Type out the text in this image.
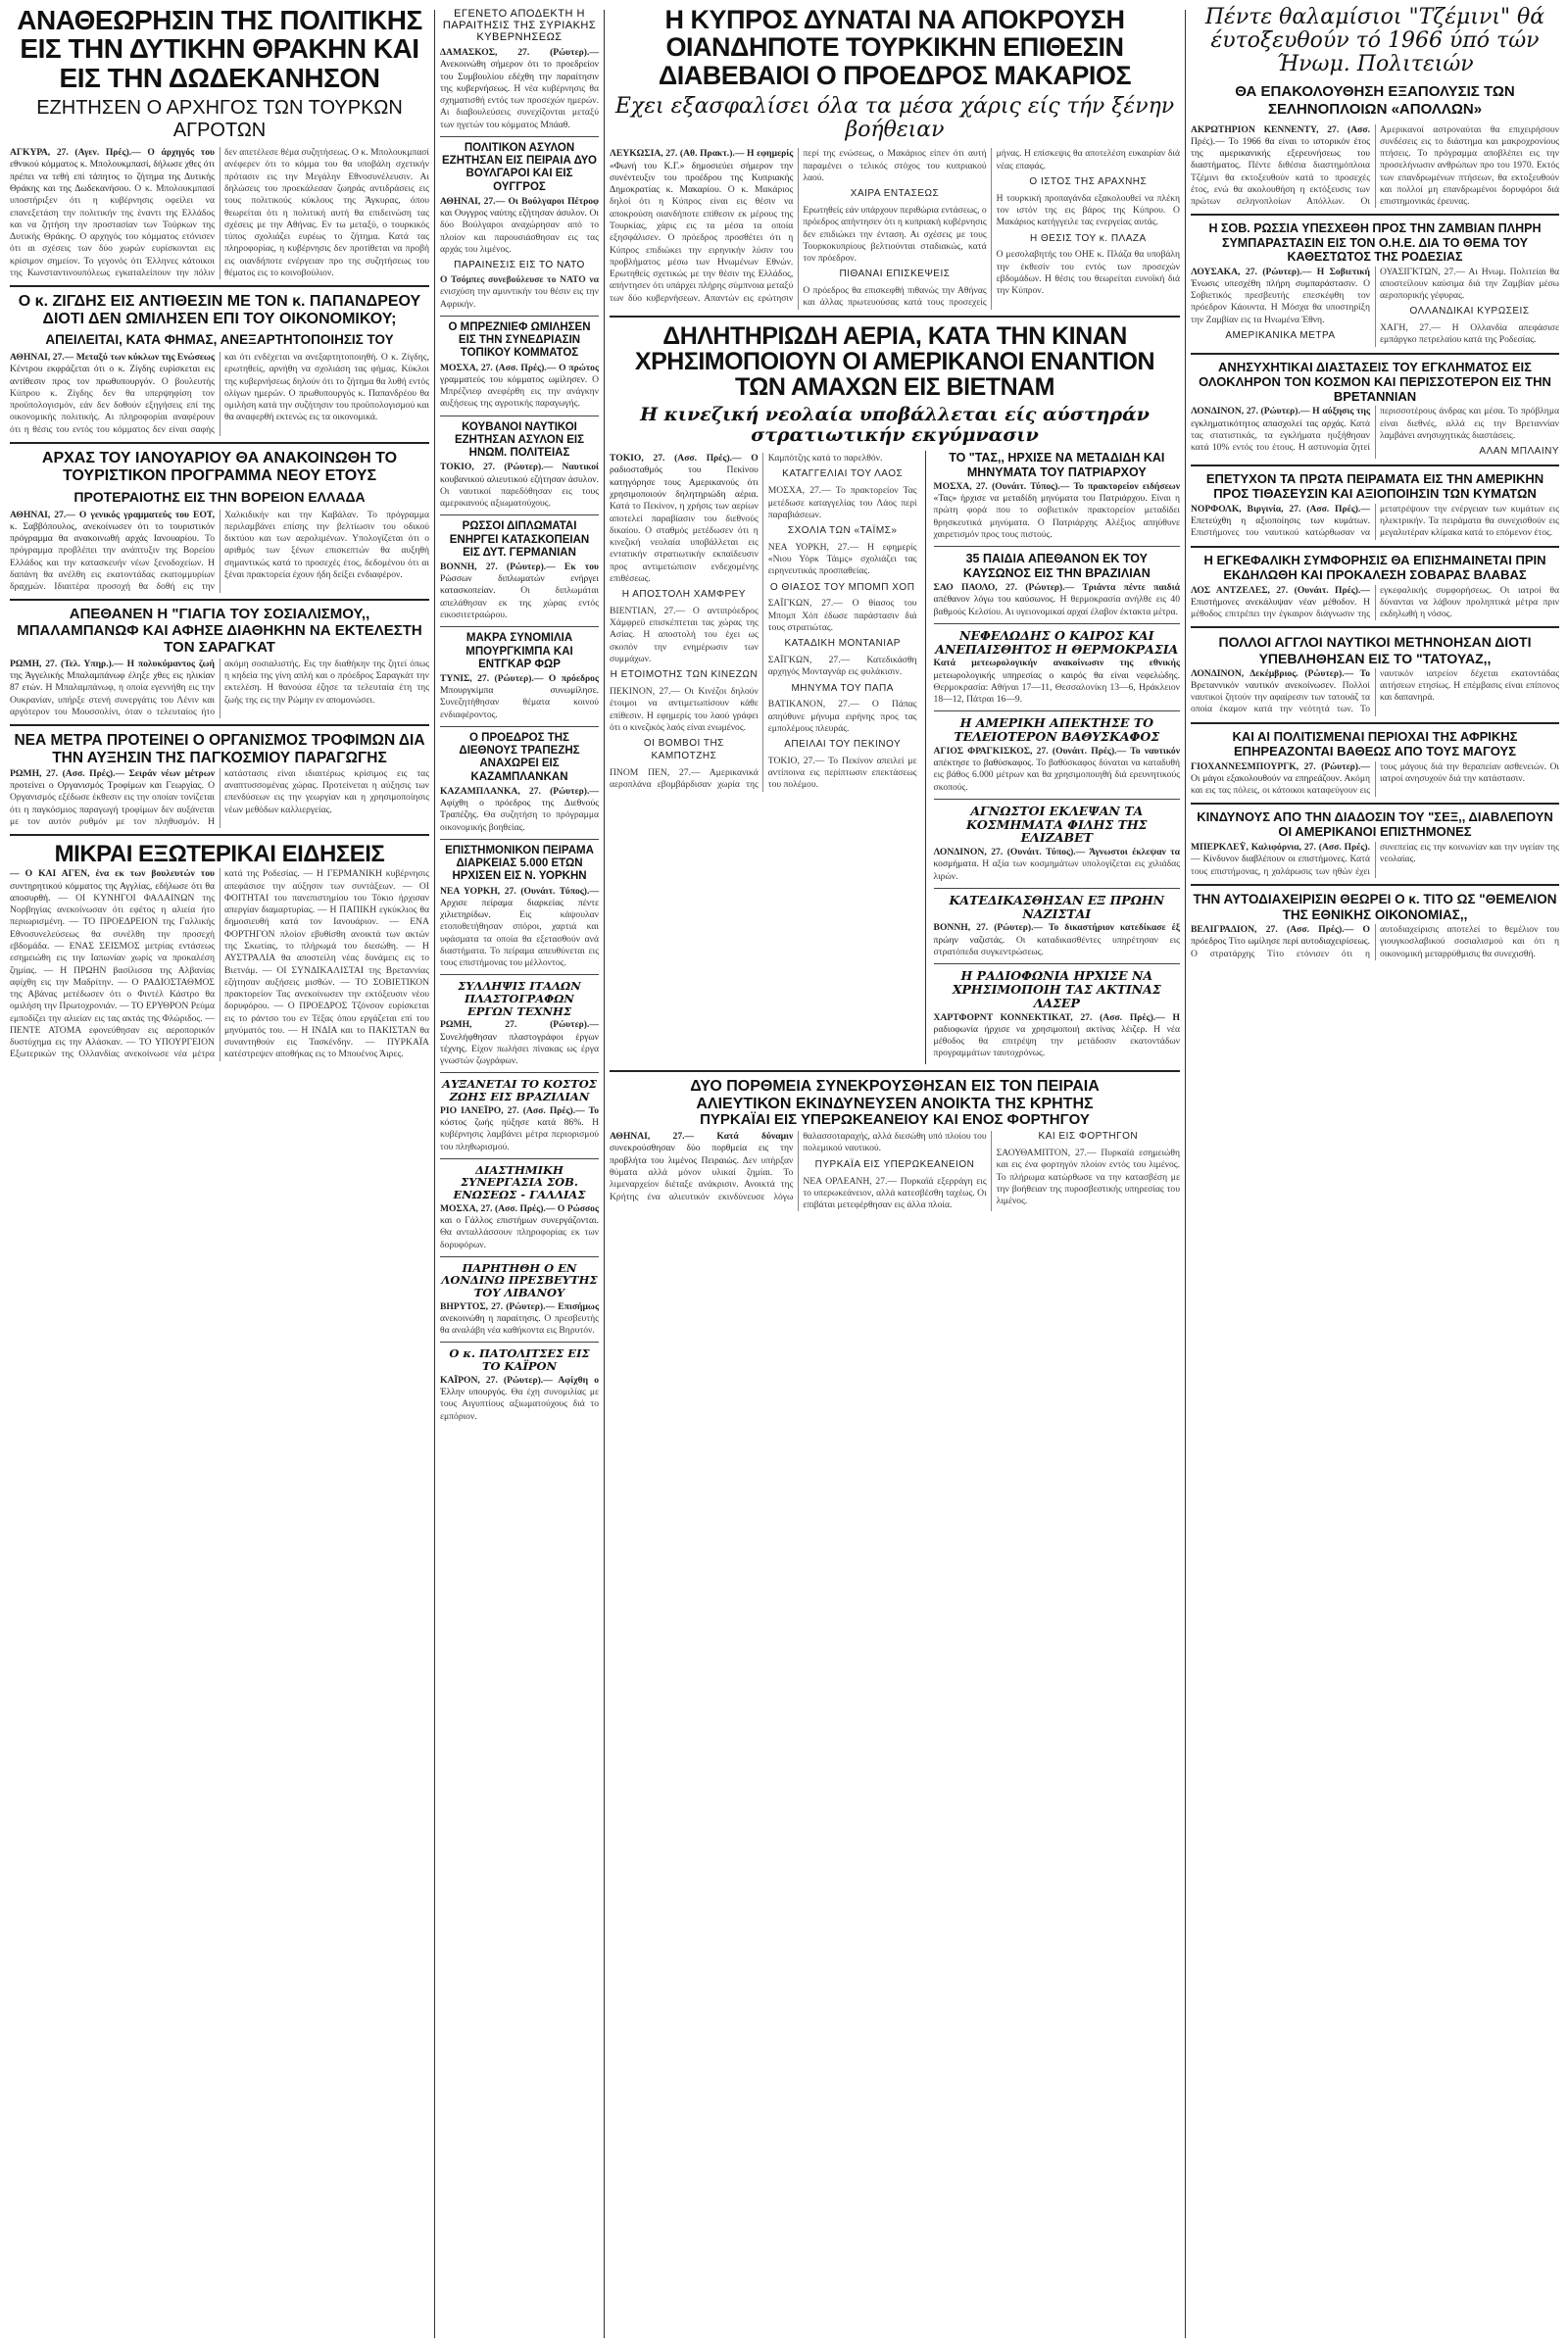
ΑΝΑΘΕΩΡΗΣΙΝ ΤΗΣ ΠΟΛΙΤΙΚΗΣ ΕΙΣ ΤΗΝ ΔΥΤΙΚΗΝ ΘΡΑΚΗΝ ΚΑΙ ΕΙΣ ΤΗΝ ΔΩΔΕΚΑΝΗΣΟΝ
ΕΖΗΤΗΣΕΝ Ο ΑΡΧΗΓΟΣ ΤΩΝ ΤΟΥΡΚΩΝ ΑΓΡΟΤΩΝ
ΑΓΚΥΡΑ, 27. (Αγεν. Πρές).— Ο άρχηγός του εθνικού κόμματος κ. Μπολουκμπασί, δήλωσε χθες ότι πρέπει να τεθή επί τάπητος το ζήτημα της Δυτικής Θράκης και της Δωδεκανήσου. Ο κ. Μπολουκμπασί υποστήριξεν ότι η κυβέρνησις οφείλει να επανεξετάση την πολιτικήν της έναντι της Ελλάδος και να ζητήση την προστασίαν των Τούρκων της Δυτικής Θράκης. Ο αρχηγός του κόμματος ετόνισεν ότι αι σχέσεις των δύο χωρών ευρίσκονται εις κρίσιμον σημείον. Το γεγονός ότι Έλληνες κάτοικοι της Κωνσταντινουπόλεως εγκαταλείπουν την πόλιν δεν απετέλεσε θέμα συζητήσεως. Ο κ. Μπολουκμπασί ανέφερεν ότι το κόμμα του θα υποβάλη σχετικήν πρότασιν εις την Μεγάλην Εθνοσυνέλευσιν. Αι δηλώσεις του προεκάλεσαν ζωηράς αντιδράσεις εις τους πολιτικούς κύκλους της Άγκυρας, όπου θεωρείται ότι η πολιτική αυτή θα επιδεινώση τας σχέσεις με την Αθήνας. Εν τω μεταξύ, ο τουρκικός τύπος σχολιάζει ευρέως το ζήτημα. Κατά τας πληροφορίας, η κυβέρνησις δεν προτίθεται να προβή εις οιανδήποτε ενέργειαν προ της συζητήσεως του θέματος εις το κοινοβούλιον.
Ο κ. ΖΙΓΔΗΣ ΕΙΣ ΑΝΤΙΘΕΣΙΝ ΜΕ ΤΟΝ κ. ΠΑΠΑΝΔΡΕΟΥ ΔΙΟΤΙ ΔΕΝ ΩΜΙΛΗΣΕΝ ΕΠΙ ΤΟΥ ΟΙΚΟΝΟΜΙΚΟΥ;
ΑΠΕΙΛΕΙΤΑΙ, ΚΑΤΑ ΦΗΜΑΣ, ΑΝΕΞΑΡΤΗΤΟΠΟΙΗΣΙΣ ΤΟΥ
ΑΘΗΝΑΙ, 27.— Μεταξύ των κύκλων της Ενώσεως Κέντρου εκφράζεται ότι ο κ. Ζίγδης ευρίσκεται εις αντίθεσιν προς τον πρωθυπουργόν. Ο βουλευτής Κύπρου κ. Ζίγδης δεν θα υπερψηφίση τον προϋπολογισμόν, εάν δεν δοθούν εξηγήσεις επί της οικονομικής πολιτικής. Αι πληροφορίαι αναφέρουν ότι η θέσις του εντός του κόμματος δεν είναι σαφής και ότι ενδέχεται να ανεξαρτητοποιηθή. Ο κ. Ζίγδης, ερωτηθείς, αρνήθη να σχολιάση τας φήμας. Κύκλοι της κυβερνήσεως δηλούν ότι το ζήτημα θα λυθή εντός ολίγων ημερών. Ο πρωθυπουργός κ. Παπανδρέου θα ομιλήση κατά την συζήτησιν του προϋπολογισμού και θα αναφερθή εκτενώς εις τα οικονομικά.
ΑΡΧΑΣ ΤΟΥ ΙΑΝΟΥΑΡΙΟΥ ΘΑ ΑΝΑΚΟΙΝΩΘΗ ΤΟ ΤΟΥΡΙΣΤΙΚΟΝ ΠΡΟΓΡΑΜΜΑ ΝΕΟΥ ΕΤΟΥΣ
ΠΡΟΤΕΡΑΙΟΤΗΣ ΕΙΣ ΤΗΝ ΒΟΡΕΙΟΝ ΕΛΛΑΔΑ
ΑΘΗΝΑΙ, 27.— Ο γενικός γραμματεύς του ΕΟΤ, κ. Σαββόπουλος, ανεκοίνωσεν ότι το τουριστικόν πρόγραμμα θα ανακοινωθή αρχάς Ιανουαρίου. Το πρόγραμμα προβλέπει την ανάπτυξιν της Βορείου Ελλάδος και την κατασκευήν νέων ξενοδοχείων. Η δαπάνη θα ανέλθη εις εκατοντάδας εκατομμυρίων δραχμών. Ιδιαιτέρα προσοχή θα δοθή εις την Χαλκιδικήν και την Καβάλαν. Το πρόγραμμα περιλαμβάνει επίσης την βελτίωσιν του οδικού δικτύου και των αερολιμένων. Υπολογίζεται ότι ο αριθμός των ξένων επισκεπτών θα αυξηθή σημαντικώς κατά το προσεχές έτος, δεδομένου ότι αι ξέναι πρακτορεία έχουν ήδη δείξει ενδιαφέρον.
ΑΠΕΘΑΝΕΝ Η "ΓΙΑΓΙΑ ΤΟΥ ΣΟΣΙΑΛΙΣΜΟΥ,, ΜΠΑΛΑΜΠΑΝΩΦ ΚΑΙ ΑΦΗΣΕ ΔΙΑΘΗΚΗΝ ΝΑ ΕΚΤΕΛΕΣΤΗ ΤΟΝ ΣΑΡΑΓΚΑΤ
ΡΩΜΗ, 27. (Τελ. Υπηρ.).— Η πολυκύμαντος ζωή της Άγγελικής Μπαλαμπάνωφ έληξε χθες εις ηλικίαν 87 ετών. Η Μπαλαμπάνωφ, η οποία εγεννήθη εις την Ουκρανίαν, υπήρξε στενή συνεργάτις του Λένιν και αργότερον του Μουσσολίνι, όταν ο τελευταίος ήτο ακόμη σοσιαλιστής. Εις την διαθήκην της ζητεί όπως η κηδεία της γίνη απλή και ο πρόεδρος Σαραγκάτ την εκτελέση. Η θανούσα έζησε τα τελευταία έτη της ζωής της εις την Ρώμην εν απομονώσει.
ΝΕΑ ΜΕΤΡΑ ΠΡΟΤΕΙΝΕΙ Ο ΟΡΓΑΝΙΣΜΟΣ ΤΡΟΦΙΜΩΝ ΔΙΑ ΤΗΝ ΑΥΞΗΣΙΝ ΤΗΣ ΠΑΓΚΟΣΜΙΟΥ ΠΑΡΑΓΩΓΗΣ
ΡΩΜΗ, 27. (Ασσ. Πρές).— Σειράν νέων μέτρων προτείνει ο Οργανισμός Τροφίμων και Γεωργίας. Ο Οργανισμός εξέδωσε έκθεσιν εις την οποίαν τονίζεται ότι η παγκόσμιος παραγωγή τροφίμων δεν αυξάνεται με τον αυτόν ρυθμόν με τον πληθυσμόν. Η κατάστασις είναι ιδιαιτέρως κρίσιμος εις τας αναπτυσσομένας χώρας. Προτείνεται η αύξησις των επενδύσεων εις την γεωργίαν και η χρησιμοποίησις νέων μεθόδων καλλιεργείας.
ΜΙΚΡΑΙ ΕΞΩΤΕΡΙΚΑΙ ΕΙΔΗΣΕΙΣ
— Ο ΚΑΙ ΑΓΕΝ, ένα εκ των βουλευτών του συντηρητικού κόμματος της Αγγλίας, εδήλωσε ότι θα αποσυρθή. — ΟΙ ΚΥΝΗΓΟΙ ΦΑΛΑΙΝΩΝ της Νορβηγίας ανεκοίνωσαν ότι εφέτος η αλιεία ήτο περιωρισμένη. — ΤΟ ΠΡΟΕΔΡΕΙΟΝ της Γαλλικής Εθνοσυνελεύσεως θα συνέλθη την προσεχή εβδομάδα. — ΕΝΑΣ ΣΕΙΣΜΟΣ μετρίας εντάσεως εσημειώθη εις την Ιαπωνίαν χωρίς να προκαλέση ζημίας. — Η ΠΡΩΗΝ βασίλισσα της Αλβανίας αφίχθη εις την Μαδρίτην. — Ο ΡΑΔΙΟΣΤΑΘΜΟΣ της Αβάνας μετέδωσεν ότι ο Φιντέλ Κάστρο θα ομιλήση την Πρωτοχρονιάν. — ΤΟ ΕΡΥΘΡΟΝ Ρεύμα εμποδίζει την αλιείαν εις τας ακτάς της Φλώριδος. — ΠΕΝΤΕ ΑΤΟΜΑ εφονεύθησαν εις αεροπορικόν δυστύχημα εις την Αλάσκαν. — ΤΟ ΥΠΟΥΡΓΕΙΟΝ Εξωτερικών της Ολλανδίας ανεκοίνωσε νέα μέτρα κατά της Ροδεσίας. — Η ΓΕΡΜΑΝΙΚΗ κυβέρνησις απεφάσισε την αύξησιν των συντάξεων. — ΟΙ ΦΟΙΤΗΤΑΙ του πανεπιστημίου του Τόκιο ήρχισαν απεργίαν διαμαρτυρίας. — Η ΠΑΠΙΚΗ εγκύκλιος θα δημοσιευθή κατά τον Ιανουάριον. — ΕΝΑ ΦΟΡΤΗΓΟΝ πλοίον εβυθίσθη ανοικτά των ακτών της Σκωτίας, το πλήρωμά του διεσώθη. — Η ΑΥΣΤΡΑΛΙΑ θα αποστείλη νέας δυνάμεις εις το Βιετνάμ. — ΟΙ ΣΥΝΔΙΚΑΛΙΣΤΑΙ της Βρεταννίας εζήτησαν αυξήσεις μισθών. — ΤΟ ΣΟΒΙΕΤΙΚΟΝ πρακτορείον Τας ανεκοίνωσεν την εκτόξευσιν νέου δορυφόρου. — Ο ΠΡΟΕΔΡΟΣ Τζόνσον ευρίσκεται εις το ράντσο του εν Τέξας όπου εργάζεται επί του μηνύματός του. — Η ΙΝΔΙΑ και το ΠΑΚΙΣΤΑΝ θα συναντηθούν εις Τασκένδην. — ΠΥΡΚΑΪΑ κατέστρεψεν αποθήκας εις το Μπουένος Άιρες.
ΕΓΕΝΕΤΟ ΑΠΟΔΕΚΤΗ Η ΠΑΡΑΙΤΗΣΙΣ ΤΗΣ ΣΥΡΙΑΚΗΣ ΚΥΒΕΡΝΗΣΕΩΣ
ΔΑΜΑΣΚΟΣ, 27. (Ρώυτερ).— Ανεκοινώθη σήμερον ότι το προεδρείον του Συμβουλίου εδέχθη την παραίτησιν της κυβερνήσεως. Η νέα κυβέρνησις θα σχηματισθή εντός των προσεχών ημερών. Αι διαβουλεύσεις συνεχίζονται μεταξύ των ηγετών του κόμματος Μπάαθ.
ΠΟΛΙΤΙΚΟΝ ΑΣΥΛΟΝ ΕΖΗΤΗΣΑΝ ΕΙΣ ΠΕΙΡΑΙΑ ΔΥΟ ΒΟΥΛΓΑΡΟΙ ΚΑΙ ΕΙΣ ΟΥΓΓΡΟΣ
ΑΘΗΝΑΙ, 27.— Οι Βούλγαροι Πέτροφ και Ουγγρος ναύτης εζήτησαν άσυλον. Οι δύο Βούλγαροι αναχώρησαν από το πλοίον και παρουσιάσθησαν εις τας αρχάς του λιμένος.
ΠΑΡΑΙΝΕΣΙΣ ΕΙΣ ΤΟ ΝΑΤΟ
Ο Τσόμπες συνεβούλευσε το ΝΑΤΟ να ενισχύση την αμυντικήν του θέσιν εις την Αφρικήν.
Ο ΜΠΡΕΖΝΙΕΦ ΩΜΙΛΗΣΕΝ ΕΙΣ ΤΗΝ ΣΥΝΕΔΡΙΑΣΙΝ ΤΟΠΙΚΟΥ ΚΟΜΜΑΤΟΣ
ΜΟΣΧΑ, 27. (Ασσ. Πρές).— Ο πρώτος γραμματεύς του κόμματος ωμίλησεν. Ο Μπρέζνιεφ ανεφέρθη εις την ανάγκην αυξήσεως της αγροτικής παραγωγής.
ΚΟΥΒΑΝΟΙ ΝΑΥΤΙΚΟΙ ΕΖΗΤΗΣΑΝ ΑΣΥΛΟΝ ΕΙΣ ΗΝΩΜ. ΠΟΛΙΤΕΙΑΣ
ΤΟΚΙΟ, 27. (Ρώυτερ).— Ναυτικοί κουβανικού αλιευτικού εζήτησαν άσυλον. Οι ναυτικοί παρεδόθησαν εις τους αμερικανούς αξιωματούχους.
ΡΩΣΣΟΙ ΔΙΠΛΩΜΑΤΑΙ ΕΝΗΡΓΕΙ ΚΑΤΑΣΚΟΠΕΙΑΝ ΕΙΣ ΔΥΤ. ΓΕΡΜΑΝΙΑΝ
ΒΟΝΝΗ, 27. (Ρώυτερ).— Εκ του Ρώσσων διπλωματών ενήργει κατασκοπείαν.	Οι διπλωμάται απελάθησαν εκ της χώρας εντός εικοσιτετραώρου.
ΜΑΚΡΑ ΣΥΝΟΜΙΛΙΑ ΜΠΟΥΡΓΚΙΜΠΑ ΚΑΙ ΕΝΤΓΚΑΡ ΦΩΡ
ΤΥΝΙΣ, 27. (Ρώυτερ).— Ο πρόεδρος Μπουργκίμπα συνωμίλησε. Συνεζητήθησαν θέματα κοινού ενδιαφέροντος.
Ο ΠΡΟΕΔΡΟΣ ΤΗΣ ΔΙΕΘΝΟΥΣ ΤΡΑΠΕΖΗΣ ΑΝΑΧΩΡΕΙ ΕΙΣ ΚΑΖΑΜΠΛΑΝΚΑΝ
ΚΑΖΑΜΠΛΑΝΚΑ, 27. (Ρώυτερ).— Αφίχθη ο πρόεδρος της Διεθνούς Τραπέζης. Θα συζητήση το πρόγραμμα οικονομικής βοηθείας.
ΕΠΙΣΤΗΜΟΝΙΚΟΝ ΠΕΙΡΑΜΑ ΔΙΑΡΚΕΙΑΣ 5.000 ΕΤΩΝ ΗΡΧΙΣΕΝ ΕΙΣ Ν. ΥΟΡΚΗΝ
ΝΕΑ ΥΟΡΚΗ, 27. (Ουνάιτ. Τύπος).— Αρχισε πείραμα διαρκείας πέντε χιλιετηρίδων.	Εις κάψουλαν ετοποθετήθησαν σπόροι, χαρτιά και υφάσματα τα οποία θα εξετασθούν ανά διαστήματα. Το πείραμα απευθύνεται εις τους επιστήμονας του μέλλοντος.
ΣΥΛΛΗΨΙΣ ΙΤΑΛΩΝ ΠΛΑΣΤΟΓΡΑΦΩΝ ΕΡΓΩΝ ΤΕΧΝΗΣ
ΡΩΜΗ, 27. (Ρώυτερ).— Συνελήφθησαν πλαστογράφοι έργων τέχνης. Είχον πωλήσει πίνακας ως έργα γνωστών ζωγράφων.
ΑΥΞΑΝΕΤΑΙ ΤΟ ΚΟΣΤΟΣ ΖΩΗΣ ΕΙΣ ΒΡΑΖΙΛΙΑΝ
ΡΙΟ ΙΑΝΕΪΡΟ, 27. (Ασσ. Πρές).— Το κόστος ζωής ηύξησε κατά 86%. Η κυβέρνησις λαμβάνει μέτρα περιορισμού του πληθωρισμού.
ΔΙΑΣΤΗΜΙΚΗ ΣΥΝΕΡΓΑΣΙΑ ΣΟΒ. ΕΝΩΣΕΩΣ - ΓΑΛΛΙΑΣ
ΜΟΣΧΑ, 27. (Ασσ. Πρές).— Ο Ρώσσος και ο Γάλλος επιστήμων συνεργάζονται. Θα ανταλλάσσουν πληροφορίας εκ των δορυφόρων.
ΠΑΡΗΤΗΘΗ Ο ΕΝ ΛΟΝΔΙΝΩ ΠΡΕΣΒΕΥΤΗΣ ΤΟΥ ΛΙΒΑΝΟΥ
ΒΗΡΥΤΟΣ, 27. (Ρώυτερ).— Επισήμως ανεκοινώθη η παραίτησις. Ο πρεσβευτής θα αναλάβη νέα καθήκοντα εις Βηρυτόν.
Ο κ. ΠΑΤΟΛΙΤΣΕΣ ΕΙΣ ΤΟ ΚΑΪΡΟΝ
ΚΑΪΡΟΝ, 27. (Ρώυτερ).— Αφίχθη ο Έλλην υπουργός. Θα έχη συνομιλίας με τους Αιγυπτίους αξιωματούχους διά το εμπόριον.
Η ΚΥΠΡΟΣ ΔΥΝΑΤΑΙ ΝΑ ΑΠΟΚΡΟΥΣΗ ΟΙΑΝΔΗΠΟΤΕ ΤΟΥΡΚΙΚΗΝ ΕΠΙΘΕΣΙΝ ΔΙΑΒΕΒΑΙΟΙ Ο ΠΡΟΕΔΡΟΣ ΜΑΚΑΡΙΟΣ
Εχει εξασφαλίσει όλα τα μέσα χάρις είς τήν ξένην βοήθειαν
ΛΕΥΚΩΣΙΑ, 27. (Αθ. Πρακτ.).— Η εφημερίς «Φωνή του Κ.Γ.» δημοσιεύει σήμερον την συνέντευξιν του προέδρου της Κυπριακής Δημοκρατίας κ. Μακαρίου. Ο κ. Μακάριος δηλοί ότι η Κύπρος είναι εις θέσιν να αποκρούση οιανδήποτε επίθεσιν εκ μέρους της Τουρκίας, χάρις εις τα μέσα τα οποία εξησφάλισεν. Ο πρόεδρος προσθέτει ότι η Κύπρος επιδιώκει την ειρηνικήν λύσιν του προβλήματος μέσω των Ηνωμένων Εθνών. Ερωτηθείς σχετικώς με την θέσιν της Ελλάδος, απήντησεν ότι υπάρχει πλήρης σύμπνοια μεταξύ των δύο κυβερνήσεων. Απαντών εις ερώτησιν περί της ενώσεως, ο Μακάριος είπεν ότι αυτή παραμένει ο τελικός στόχος του κυπριακού λαού.
ΧΑΙΡΑ ΕΝΤΑΣΕΩΣ
Ερωτηθείς εάν υπάρχουν περιθώρια εντάσεως, ο πρόεδρος απήντησεν ότι η κυπριακή κυβέρνησις δεν επιδιώκει την ένταση. Αι σχέσεις με τους Τουρκοκυπρίους βελτιούνται σταδιακώς, κατά τον πρόεδρον.
ΠΙΘΑΝΑΙ ΕΠΙΣΚΕΨΕΙΣ
Ο πρόεδρος θα επισκεφθή πιθανώς την Αθήνας και άλλας πρωτευούσας κατά τους προσεχείς μήνας. Η επίσκεψις θα αποτελέση ευκαιρίαν διά νέας επαφάς.
Ο ΙΣΤΟΣ ΤΗΣ ΑΡΑΧΝΗΣ
Η τουρκική προπαγάνδα εξακολουθεί να πλέκη τον ιστόν της εις βάρος της Κύπρου. Ο Μακάριος κατήγγειλε τας ενεργείας αυτάς.
Η ΘΕΣΙΣ ΤΟΥ κ. ΠΛΑΖΑ
Ο μεσολαβητής του ΟΗΕ κ. Πλάζα θα υποβάλη την έκθεσίν του εντός των προσεχών εβδομάδων. Η θέσις του θεωρείται ευνοϊκή διά την Κύπρον.
ΔΗΛΗΤΗΡΙΩΔΗ ΑΕΡΙΑ, ΚΑΤΑ ΤΗΝ ΚΙΝΑΝ ΧΡΗΣΙΜΟΠΟΙΟΥΝ ΟΙ ΑΜΕΡΙΚΑΝΟΙ ΕΝΑΝΤΙΟΝ ΤΩΝ ΑΜΑΧΩΝ ΕΙΣ ΒΙΕΤΝΑΜ
Η κινεζική νεολαία υποβάλλεται είς αύστηράν στρατιωτικήν εκγύμνασιν
ΤΟΚΙΟ, 27. (Ασσ. Πρές).— Ο ραδιοσταθμός του Πεκίνου κατηγόρησε τους Αμερικανούς ότι χρησιμοποιούν δηλητηριώδη αέρια. Κατά το Πεκίνον, η χρήσις των αερίων αποτελεί παραβίασιν του διεθνούς δικαίου. Ο σταθμός μετέδωσεν ότι η κινεζική νεολαία υποβάλλεται εις εντατικήν στρατιωτικήν εκπαίδευσιν προς αντιμετώπισιν ενδεχομένης επιθέσεως.
Η ΑΠΟΣΤΟΛΗ ΧΑΜΦΡΕΥ
ΒΙΕΝΤΙΑΝ, 27.— Ο αντιπρόεδρος Χάμφρεϋ επισκέπτεται τας χώρας της Ασίας. Η αποστολή του έχει ως σκοπόν την ενημέρωσιν των συμμάχων.
Η ΕΤΟΙΜΟΤΗΣ ΤΩΝ ΚΙΝΕΖΩΝ
ΠΕΚΙΝΟΝ, 27.— Οι Κινέζοι δηλούν έτοιμοι να αντιμετωπίσουν κάθε επίθεσιν. Η εφημερίς του λαού γράφει ότι ο κινεζικός λαός είναι ενωμένος.
ΟΙ ΒΟΜΒΟΙ ΤΗΣ ΚΑΜΠΟΤΖΗΣ
ΠΝΟΜ ΠΕΝ, 27.— Αμερικανικά αεροπλάνα εβομβάρδισαν χωρία της Καμπότζης κατά το παρελθόν.
ΚΑΤΑΓΓΕΛΙΑΙ ΤΟΥ ΛΑΟΣ
ΜΟΣΧΑ, 27.— Το πρακτορείον Τας μετέδωσε καταγγελίας του Λάος περί παραβιάσεων.
ΣΧΟΛΙΑ ΤΩΝ «ΤΑΪΜΣ»
ΝΕΑ ΥΟΡΚΗ, 27.— Η εφημερίς «Νιου Υόρκ Τάιμς» σχολιάζει τας ειρηνευτικάς προσπαθείας.
Ο ΘΙΑΣΟΣ ΤΟΥ ΜΠΟΜΠ ΧΟΠ
ΣΑΪΓΚΩΝ, 27.— Ο θίασος του Μπομπ Χόπ έδωσε παράστασιν διά τους στρατιώτας.
ΚΑΤΑΔΙΚΗ ΜΟΝΤΑΝΙΑΡ
ΣΑΪΓΚΩΝ, 27.— Κατεδικάσθη αρχηγός Μονταγνάρ εις φυλάκισιν.
ΜΗΝΥΜΑ ΤΟΥ ΠΑΠΑ
ΒΑΤΙΚΑΝΟΝ, 27.— Ο Πάπας απηύθυνε μήνυμα ειρήνης προς τας εμπολέμους πλευράς.
ΑΠΕΙΛΑΙ ΤΟΥ ΠΕΚΙΝΟΥ
ΤΟΚΙΟ, 27.— Το Πεκίνον απειλεί με αντίποινα εις περίπτωσιν επεκτάσεως του πολέμου.
ΤΟ "ΤΑΣ,, ΗΡΧΙΣΕ ΝΑ ΜΕΤΑΔΙΔΗ ΚΑΙ ΜΗΝΥΜΑΤΑ ΤΟΥ ΠΑΤΡΙΑΡΧΟΥ
ΜΟΣΧΑ, 27. (Ουνάιτ. Τύπος).— Το πρακτορείον ειδήσεων «Τας» ήρχισε να μεταδίδη μηνύματα του Πατριάρχου. Είναι η πρώτη φορά που το σοβιετικόν πρακτορείον μεταδίδει θρησκευτικά μηνύματα. Ο Πατριάρχης Αλέξιος απηύθυνε χαιρετισμόν προς τους πιστούς.
35 ΠΑΙΔΙΑ ΑΠΕΘΑΝΟΝ ΕΚ ΤΟΥ ΚΑΥΣΩΝΟΣ ΕΙΣ ΤΗΝ ΒΡΑΖΙΛΙΑΝ
ΣΑΟ ΠΑΟΛΟ, 27. (Ρώυτερ).— Τριάντα πέντε παιδιά απέθανον λόγω του καύσωνος. Η θερμοκρασία ανήλθε εις 40 βαθμούς Κελσίου. Αι υγειονομικαί αρχαί έλαβον έκτακτα μέτρα.
ΝΕΦΕΛΩΔΗΣ Ο ΚΑΙΡΟΣ ΚΑΙ ΑΝΕΠΑΙΣΘΗΤΟΣ Η ΘΕΡΜΟΚΡΑΣΙΑ
Κατά μετεωρολογικήν ανακοίνωσιν της εθνικής μετεωρολογικής υπηρεσίας ο καιρός θα είναι νεφελώδης. Θερμοκρασία: Αθήναι 17—11, Θεσσαλονίκη 13—6, Ηράκλειον 18—12, Πάτραι 16—9.
Η ΑΜΕΡΙΚΗ ΑΠΕΚΤΗΣΕ ΤΟ ΤΕΛΕΙΟΤΕΡΟΝ ΒΑΘΥΣΚΑΦΟΣ
ΑΓΙΟΣ ΦΡΑΓΚΙΣΚΟΣ, 27. (Ουνάιτ. Πρές).— Το ναυτικόν απέκτησε το βαθύσκαφος. Το βαθύσκαφος δύναται να καταδυθή εις βάθος 6.000 μέτρων και θα χρησιμοποιηθή διά ερευνητικούς σκοπούς.
ΑΓΝΩΣΤΟΙ ΕΚΛΕΨΑΝ ΤΑ ΚΟΣΜΗΜΑΤΑ ΦΙΛΗΣ ΤΗΣ ΕΛΙΖΑΒΕΤ
ΛΟΝΔΙΝΟΝ, 27. (Ουνάιτ. Τύπος).— Άγνωστοι έκλεψαν τα κοσμήματα. Η αξία των κοσμημάτων υπολογίζεται εις χιλιάδας λιρών.
ΚΑΤΕΔΙΚΑΣΘΗΣΑΝ ΕΞ ΠΡΩΗΝ ΝΑΖΙΣΤΑΙ
ΒΟΝΝΗ, 27. (Ρώυτερ).— Το δικαστήριον κατεδίκασε έξ πρώην ναζιστάς. Οι καταδικασθέντες υπηρέτησαν εις στρατόπεδα συγκεντρώσεως.
Η ΡΑΔΙΟΦΩΝΙΑ ΗΡΧΙΣΕ ΝΑ ΧΡΗΣΙΜΟΠΟΙΗ ΤΑΣ ΑΚΤΙΝΑΣ ΛΑΣΕΡ
ΧΑΡΤΦΟΡΝΤ ΚΟΝΝΕΚΤΙΚΑΤ, 27. (Ασσ. Πρές).— Η ραδιοφωνία ήρχισε να χρησιμοποιή ακτίνας λέιζερ. Η νέα μέθοδος θα επιτρέψη την μετάδοσιν εκατοντάδων προγραμμάτων ταυτοχρόνως.
ΔΥΟ ΠΟΡΘΜΕΙΑ ΣΥΝΕΚΡΟΥΣΘΗΣΑΝ ΕΙΣ ΤΟΝ ΠΕΙΡΑΙΑ
ΑΛΙΕΥΤΙΚΟΝ ΕΚΙΝΔΥΝΕΥΣΕΝ ΑΝΟΙΚΤΑ ΤΗΣ ΚΡΗΤΗΣ
ΠΥΡΚΑΪΑΙ ΕΙΣ ΥΠΕΡΩΚΕΑΝΕΙΟΥ ΚΑΙ ΕΝΟΣ ΦΟΡΤΗΓΟΥ
ΑΘΗΝΑΙ, 27.— Κατά δύναμιν συνεκρούσθησαν δύο πορθμεία εις την προβλήτα του λιμένος Πειραιώς. Δεν υπήρξαν θύματα αλλά μόνον υλικαί ζημίαι. Το λιμεναρχείον διέταξε ανάκρισιν. Ανοικτά της Κρήτης ένα αλιευτικόν εκινδύνευσε λόγω θαλασσοταραχής, αλλά διεσώθη υπό πλοίου του πολεμικού ναυτικού.
ΠΥΡΚΑΪΑ ΕΙΣ ΥΠΕΡΩΚΕΑΝΕΙΟΝ
ΝΕΑ ΟΡΛΕΑΝΗ, 27.— Πυρκαϊά εξερράγη εις το υπερωκεάνειον, αλλά κατεσβέσθη ταχέως. Οι επιβάται μετεφέρθησαν εις άλλα πλοία.
ΚΑΙ ΕΙΣ ΦΟΡΤΗΓΟΝ
ΣΑΟΥΘΑΜΠΤΟΝ, 27.— Πυρκαϊά εσημειώθη και εις ένα φορτηγόν πλοίον εντός του λιμένος. Το πλήρωμα κατώρθωσε να την κατασβέση με την βοήθειαν της πυροσβεστικής υπηρεσίας του λιμένος.
Πέντε θαλαμίσιοι "Τζέμινι" θά έυτοξευθούν τό 1966 ύπό τών Ήνωμ. Πολιτειών
ΘΑ ΕΠΑΚΟΛΟΥΘΗΣΗ ΕΞΑΠΟΛΥΣΙΣ ΤΩΝ ΣΕΛΗΝΟΠΛΟΙΩΝ «ΑΠΟΛΛΩΝ»
ΑΚΡΩΤΗΡΙΟΝ ΚΕΝΝΕΝΤΥ, 27. (Ασσ. Πρές).— Το 1966 θα είναι το ιστορικόν έτος της αμερικανικής εξερευνήσεως του διαστήματος. Πέντε διθέσια διαστημόπλοια Τζέμινι θα εκτοξευθούν κατά το προσεχές έτος, ενώ θα ακολουθήση η εκτόξευσις των πρώτων σεληνοπλοίων Απόλλων. Οι Αμερικανοί αστροναύται θα επιχειρήσουν συνδέσεις εις το διάστημα και μακροχρονίους πτήσεις. Το πρόγραμμα αποβλέπει εις την προσελήνωσιν ανθρώπων προ του 1970. Εκτός των επανδρωμένων πτήσεων, θα εκτοξευθούν και πολλοί μη επανδρωμένοι δορυφόροι διά επιστημονικάς έρευνας.
Η ΣΟΒ. ΡΩΣΣΙΑ ΥΠΕΣΧΕΘΗ ΠΡΟΣ ΤΗΝ ΖΑΜΒΙΑΝ ΠΛΗΡΗ ΣΥΜΠΑΡΑΣΤΑΣΙΝ ΕΙΣ ΤΟΝ Ο.Η.Ε. ΔΙΑ ΤΟ ΘΕΜΑ ΤΟΥ ΚΑΘΕΣΤΩΤΟΣ ΤΗΣ ΡΟΔΕΣΙΑΣ
ΛΟΥΣΑΚΑ, 27. (Ρώυτερ).— Η Σοβιετική Ένωσις υπεσχέθη πλήρη συμπαράστασιν. Ο Σοβιετικός πρεσβευτής επεσκέφθη τον πρόεδρον Κάουντα. Η Μόσχα θα υποστηρίξη την Ζαμβίαν εις τα Ηνωμένα Έθνη.
ΑΜΕΡΙΚΑΝΙΚΑ ΜΕΤΡΑ
ΟΥΑΣΙΓΚΤΩΝ, 27.— Αι Ηνωμ. Πολιτείαι θα αποστείλουν καύσιμα διά την Ζαμβίαν μέσω αεροπορικής γέφυρας.
ΟΛΛΑΝΔΙΚΑΙ ΚΥΡΩΣΕΙΣ
ΧΑΓΗ, 27.— Η Ολλανδία απεφάσισε εμπάργκο πετρελαίου κατά της Ροδεσίας.
ΑΝΗΣΥΧΗΤΙΚΑΙ ΔΙΑΣΤΑΣΕΙΣ ΤΟΥ ΕΓΚΛΗΜΑΤΟΣ ΕΙΣ ΟΛΟΚΛΗΡΟΝ ΤΟΝ ΚΟΣΜΟΝ ΚΑΙ ΠΕΡΙΣΣΟΤΕΡΟΝ ΕΙΣ ΤΗΝ ΒΡΕΤΑΝΝΙΑΝ
ΛΟΝΔΙΝΟΝ, 27. (Ρώυτερ).— Η αύξησις της εγκληματικότητος απασχολεί τας αρχάς. Κατά τας στατιστικάς, τα εγκλήματα ηυξήθησαν κατά 10% εντός του έτους. Η αστυνομία ζητεί περισσοτέρους άνδρας και μέσα. Το πρόβλημα είναι διεθνές, αλλά εις την Βρεταννίαν λαμβάνει ανησυχητικάς διαστάσεις.
ΑΛΑΝ ΜΠΛΑΙΝΥ
ΕΠΕΤΥΧΟΝ ΤΑ ΠΡΩΤΑ ΠΕΙΡΑΜΑΤΑ ΕΙΣ ΤΗΝ ΑΜΕΡΙΚΗΝ ΠΡΟΣ ΤΙΘΑΣΕΥΣΙΝ ΚΑΙ ΑΞΙΟΠΟΙΗΣΙΝ ΤΩΝ ΚΥΜΑΤΩΝ
ΝΟΡΦΟΛΚ, Βιργινία, 27. (Ασσ. Πρές).— Επετεύχθη η αξιοποίησις των κυμάτων. Επιστήμονες του ναυτικού κατώρθωσαν να μετατρέψουν την ενέργειαν των κυμάτων εις ηλεκτρικήν. Τα πειράματα θα συνεχισθούν εις μεγαλυτέραν κλίμακα κατά το επόμενον έτος.
Η ΕΓΚΕΦΑΛΙΚΗ ΣΥΜΦΟΡΗΣΙΣ ΘΑ ΕΠΙΣΗΜΑΙΝΕΤΑΙ ΠΡΙΝ ΕΚΔΗΛΩΘΗ ΚΑΙ ΠΡΟΚΑΛΕΣΗ ΣΟΒΑΡΑΣ ΒΛΑΒΑΣ
ΛΟΣ ΑΝΤΖΕΛΕΣ, 27. (Ουνάιτ. Πρές).— Επιστήμονες ανεκάλυψαν νέαν μέθοδον. Η μέθοδος επιτρέπει την έγκαιρον διάγνωσιν της εγκεφαλικής συμφορήσεως. Οι ιατροί θα δύνανται να λάβουν προληπτικά μέτρα πριν εκδηλωθή η νόσος.
ΠΟΛΛΟΙ ΑΓΓΛΟΙ ΝΑΥΤΙΚΟΙ ΜΕΤΗΝΟΗΣΑΝ ΔΙΟΤΙ ΥΠΕΒΛΗΘΗΣΑΝ ΕΙΣ ΤΟ "ΤΑΤΟΥΑΖ,,
ΛΟΝΔΙΝΟΝ, Δεκέμβριος. (Ρώυτερ).— Το Βρεταννικόν ναυτικόν ανεκοίνωσεν. Πολλοί ναυτικοί ζητούν την αφαίρεσιν των τατουάζ τα οποία έκαμον κατά την νεότητά των. Το ναυτικόν ιατρείον δέχεται εκατοντάδας αιτήσεων ετησίως. Η επέμβασις είναι επίπονος και δαπανηρά.
ΚΑΙ ΑΙ ΠΟΛΙΤΙΣΜΕΝΑΙ ΠΕΡΙΟΧΑΙ ΤΗΣ ΑΦΡΙΚΗΣ ΕΠΗΡΕΑΖΟΝΤΑΙ ΒΑΘΕΩΣ ΑΠΟ ΤΟΥΣ ΜΑΓΟΥΣ
ΓΙΟΧΑΝΝΕΣΜΠΟΥΡΓΚ, 27. (Ρώυτερ).— Οι μάγοι εξακολουθούν να επηρεάζουν. Ακόμη και εις τας πόλεις, οι κάτοικοι καταφεύγουν εις τους μάγους διά την θεραπείαν ασθενειών. Οι ιατροί ανησυχούν διά την κατάστασιν.
ΚΙΝΔΥΝΟΥΣ ΑΠΟ ΤΗΝ ΔΙΑΔΟΣΙΝ ΤΟΥ "ΣΕΞ,, ΔΙΑΒΛΕΠΟΥΝ ΟΙ ΑΜΕΡΙΚΑΝΟΙ ΕΠΙΣΤΗΜΟΝΕΣ
ΜΠΕΡΚΛΕΫ, Καλιφόρνια, 27. (Ασσ. Πρές).— Κίνδυνον διαβλέπουν οι επιστήμονες. Κατά τους επιστήμονας, η χαλάρωσις των ηθών έχει συνεπείας εις την κοινωνίαν και την υγείαν της νεολαίας.
ΤΗΝ ΑΥΤΟΔΙΑΧΕΙΡΙΣΙΝ ΘΕΩΡΕΙ Ο κ. ΤΙΤΟ ΩΣ "ΘΕΜΕΛΙΟΝ ΤΗΣ ΕΘΝΙΚΗΣ ΟΙΚΟΝΟΜΙΑΣ,,
ΒΕΛΙΓΡΑΔΙΟΝ, 27. (Ασσ. Πρές).— Ο πρόεδρος Τίτο ωμίλησε περί αυτοδιαχειρίσεως. Ο στρατάρχης Τίτο ετόνισεν ότι η αυτοδιαχείρισις αποτελεί το θεμέλιον του γιουγκοσλαβικού σοσιαλισμού και ότι η οικονομική μεταρρύθμισις θα συνεχισθή.
